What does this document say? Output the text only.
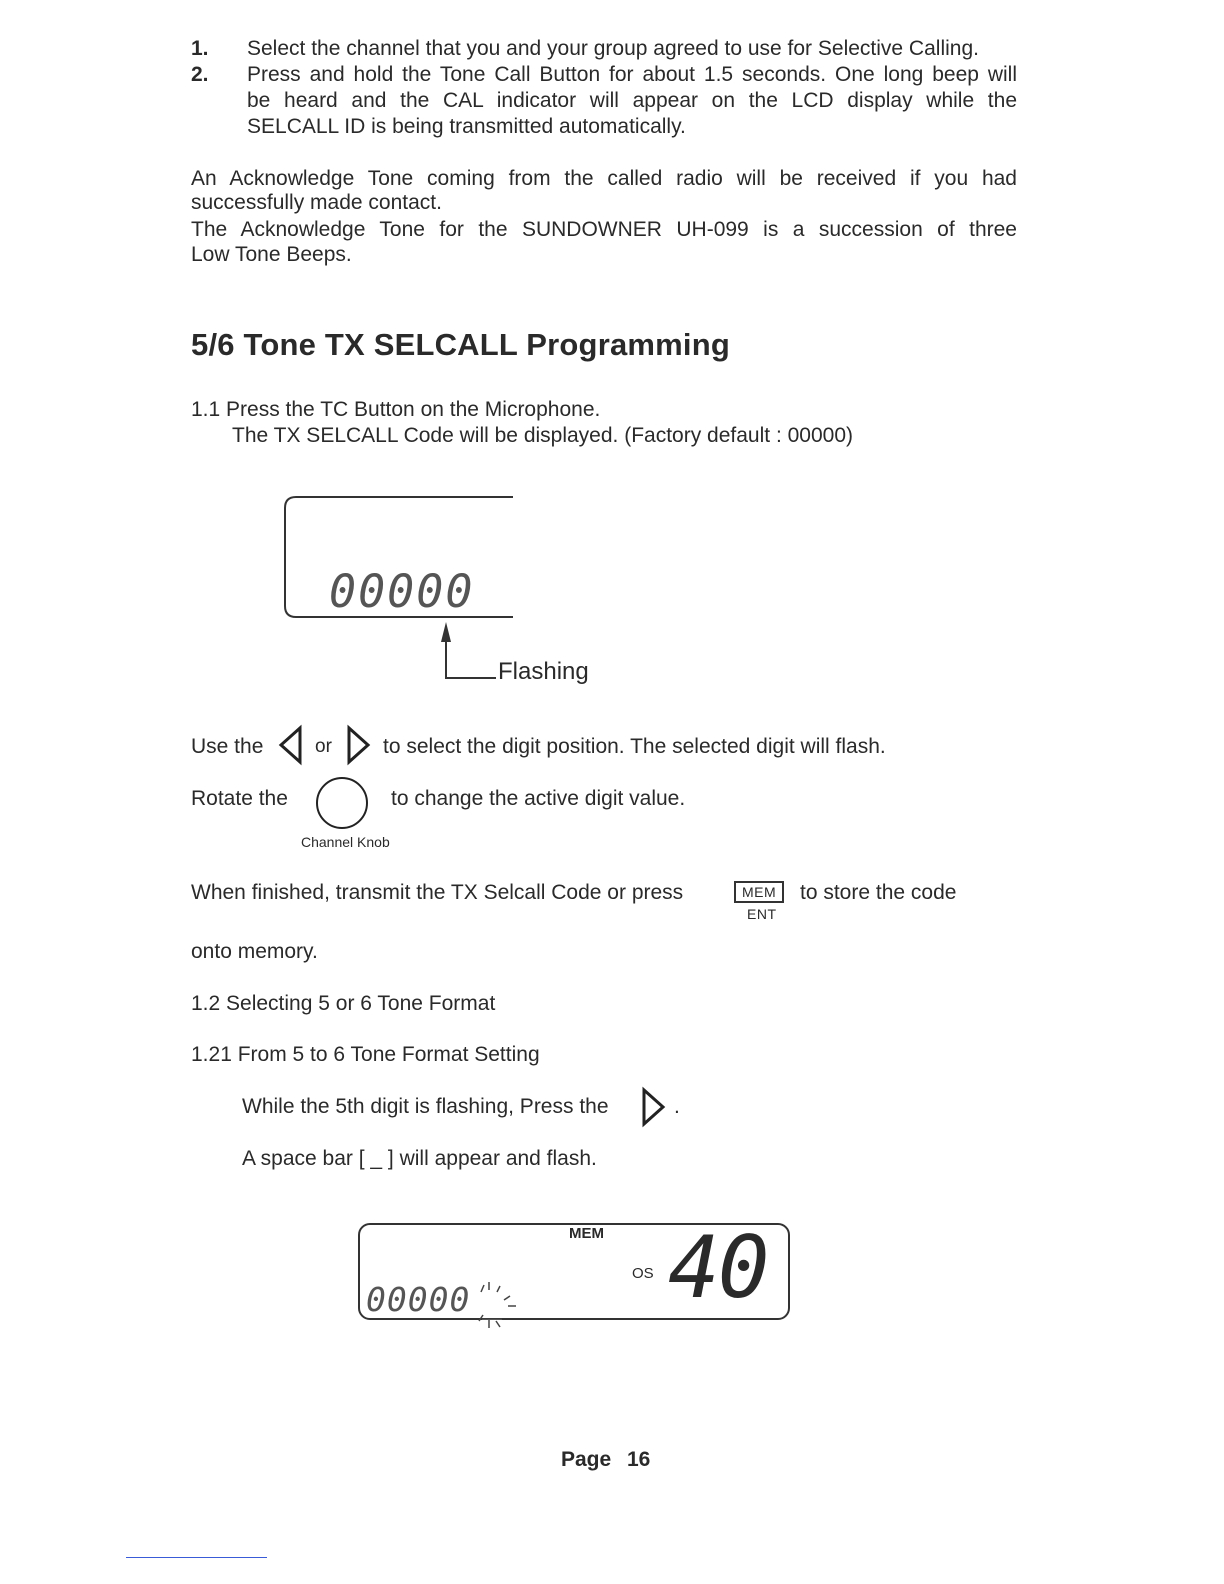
1. Select the channel that you and your group agreed to use for Selective Calling.
2. Press and hold the Tone Call Button for about 1.5 seconds. One long beep will
be heard and the CAL indicator will appear on the LCD display while the
SELCALL ID is being transmitted automatically.
An Acknowledge Tone coming from the called radio will be received if you had
successfully made contact.
The Acknowledge Tone for the SUNDOWNER UH-099 is a succession of three
Low Tone Beeps.
5/6 Tone TX SELCALL Programming
1.1 Press the TC Button on the Microphone.
The TX SELCALL Code will be displayed. (Factory default : 00000)
00000
Flashing
Use the	or to select the digit position. The selected digit will flash.
Rotate the	to change the active digit value.
Channel Knob
When finished, transmit the TX Selcall Code or press	MEM
ENT
to store the code
onto memory.
1.2 Selecting 5 or 6 Tone Format
1.21 From 5 to 6 Tone Format Setting
While the 5th digit is flashing, Press the	.
A space bar [ _ ] will appear and flash.
MEM
OS 40
00000 _
Page 16
